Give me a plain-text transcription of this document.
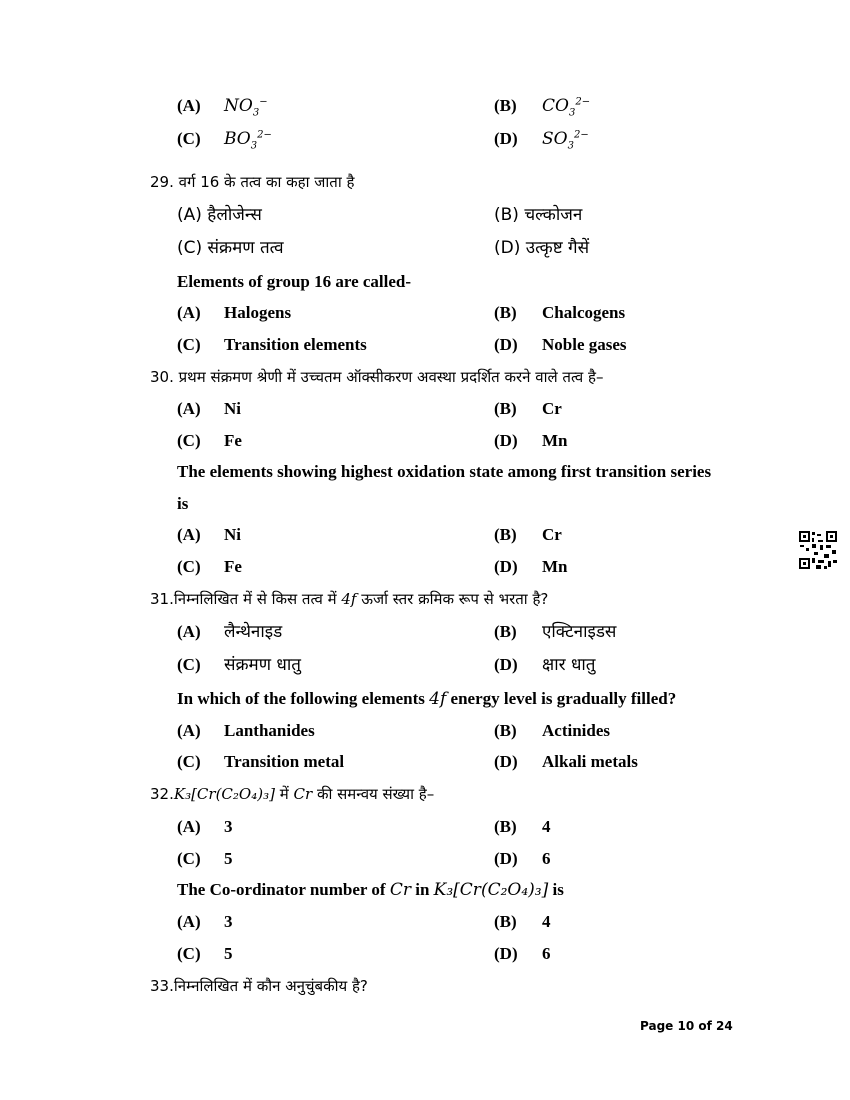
(A) $NO_3^-$	(B) $CO_3^{2-}$
(C) $BO_3^{2-}$	(D) $SO_3^{2-}$
29. वर्ग 16 के तत्व का कहा जाता है
(A) हैलोजेन्स	(B) चल्कोजन
(C) संक्रमण तत्व	(D) उत्कृष्ट गैसें
Elements of group 16 are called-
(A) Halogens	(B) Chalcogens
(C) Transition elements	(D) Noble gases
30. प्रथम संक्रमण श्रेणी में उच्चतम ऑक्सीकरण अवस्था प्रदर्शित करने वाले तत्व है–
(A) Ni	(B) Cr
(C) Fe	(D) Mn
The elements showing highest oxidation state among first transition series
is
(A) Ni	(B) Cr
(C) Fe	(D) Mn
31.निम्नलिखित में से किस तत्व में 4f ऊर्जा स्तर क्रमिक रूप से भरता है?
(A) लैन्थेनाइड	(B) एक्टिनाइडस
(C) संक्रमण धातु	(D) क्षार धातु
In which of the following elements 4f energy level is gradually filled?
(A) Lanthanides	(B) Actinides
(C) Transition metal	(D) Alkali metals
32.K₃[Cr(C₂O₄)₃] में Cr की समन्वय संख्या है–
(A) 3	(B) 4
(C) 5	(D) 6
The Co-ordinator number of Cr in K₃[Cr(C₂O₄)₃] is
(A) 3	(B) 4
(C) 5	(D) 6
33.निम्नलिखित में कौन अनुचुंबकीय है?
Page 10 of 24
